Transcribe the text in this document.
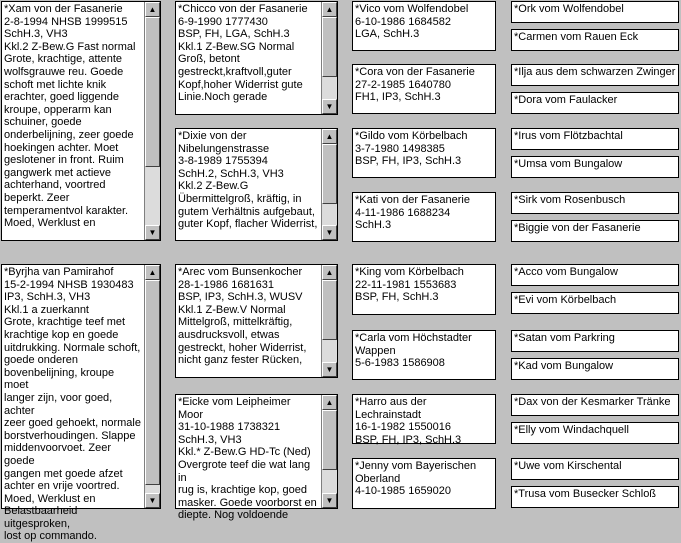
*Xam von der Fasanerie
2-8-1994 NHSB 1999515
SchH.3, VH3
Kkl.2 Z-Bew.G Fast normal
Grote, krachtige, attente
wolfsgrauwe reu. Goede
schoft met lichte knik
erachter, goed liggende
kroupe, opperarm kan
schuiner, goede
onderbelijning, zeer goede
hoekingen achter. Moet
geslotener in front. Ruim
gangwerk met actieve
achterhand, voortred
beperkt. Zeer
temperamentvol karakter.
Moed, Werklust en
▲
▼
*Chicco von der Fasanerie
6-9-1990 1777430
BSP, FH, LGA, SchH.3
Kkl.1 Z-Bew.SG Normal
Groß, betont
gestreckt,kraftvoll,guter
Kopf,hoher Widerrist gute
Linie.Noch gerade
▲
▼
*Dixie von der
Nibelungenstrasse
3-8-1989 1755394
SchH.2, SchH.3, VH3
Kkl.2 Z-Bew.G
Übermittelgroß, kräftig, in
gutem Verhältnis aufgebaut,
guter Kopf, flacher Widerrist,
▲
▼
*Vico vom Wolfendobel
6-10-1986 1684582
LGA, SchH.3
*Cora von der Fasanerie
27-2-1985 1640780
FH1, IP3, SchH.3
*Gildo vom Körbelbach
3-7-1980 1498385
BSP, FH, IP3, SchH.3
*Kati von der Fasanerie
4-11-1986 1688234
SchH.3
*Ork vom Wolfendobel
*Carmen vom Rauen Eck
*Ilja aus dem schwarzen Zwinger
*Dora vom Faulacker
*Irus vom Flötzbachtal
*Umsa vom Bungalow
*Sirk vom Rosenbusch
*Biggie von der Fasanerie
*Byrjha van Pamirahof
15-2-1994 NHSB 1930483
IP3, SchH.3, VH3
Kkl.1 a zuerkannt
Grote, krachtige teef met
krachtige kop en goede
uitdrukking. Normale schoft,
goede onderen
bovenbelijning, kroupe moet
langer zijn, voor goed, achter
zeer goed gehoekt, normale
borstverhoudingen. Slappe
middenvoorvoet. Zeer goede
gangen met goede afzet
achter en vrije voortred.
Moed, Werklust en
Belastbaarheid uitgesproken,
lost op commando.
▲
▼
*Arec vom Bunsenkocher
28-1-1986 1681631
BSP, IP3, SchH.3, WUSV
Kkl.1 Z-Bew.V Normal
Mittelgroß, mittelkräftig,
ausdrucksvoll, etwas
gestreckt, hoher Widerrist,
nicht ganz fester Rücken,
▲
▼
*Eicke vom Leipheimer Moor
31-10-1988 1738321
SchH.3, VH3
Kkl.* Z-Bew.G HD-Tc (Ned)
Overgrote teef die wat lang in
rug is, krachtige kop, goed
masker. Goede voorborst en
diepte. Nog voldoende
▲
▼
*King vom Körbelbach
22-11-1981 1553683
BSP, FH, SchH.3
*Carla vom Höchstadter
Wappen
5-6-1983 1586908
*Harro aus der Lechrainstadt
16-1-1982 1550016
BSP, FH, IP3, SchH.3
*Jenny vom Bayerischen
Oberland
4-10-1985 1659020
*Acco vom Bungalow
*Evi vom Körbelbach
*Satan vom Parkring
*Kad vom Bungalow
*Dax von der Kesmarker Tränke
*Elly vom Windachquell
*Uwe vom Kirschental
*Trusa vom Busecker Schloß
